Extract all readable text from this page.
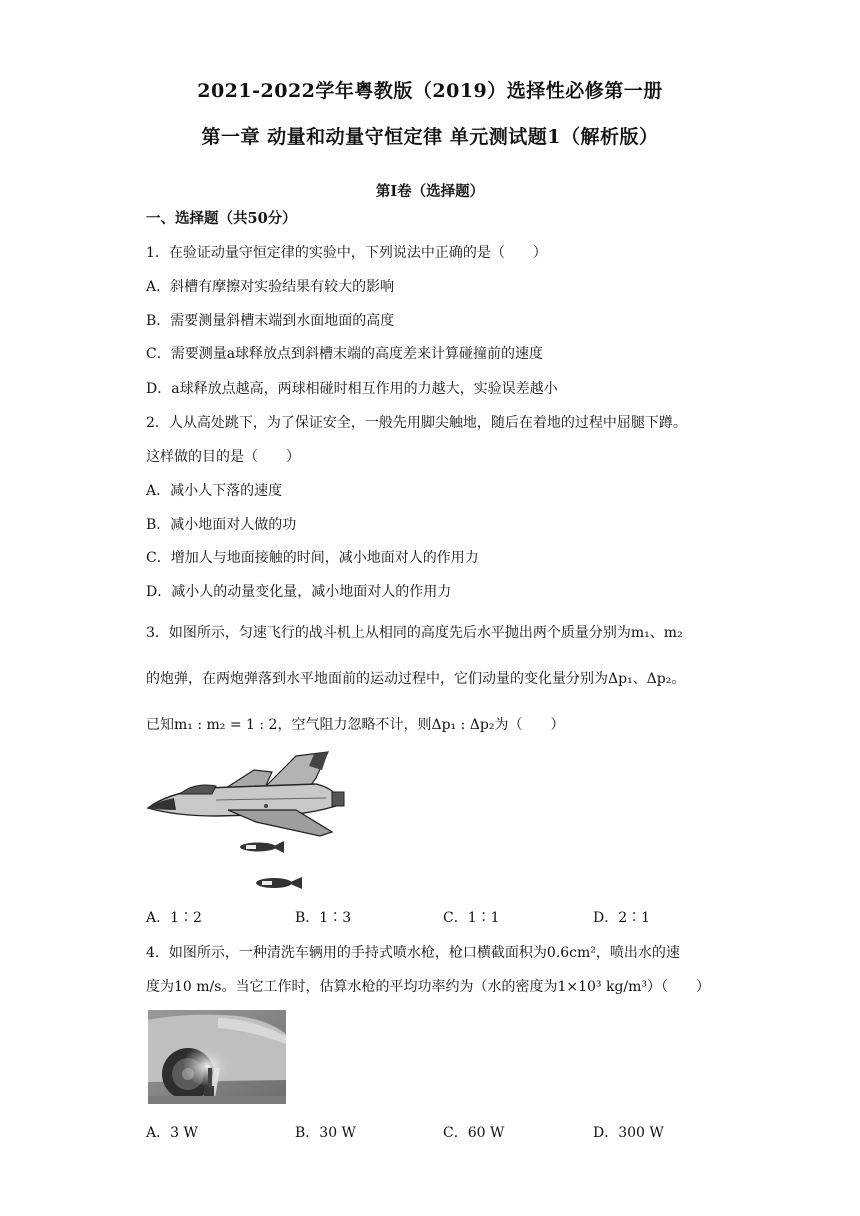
2021-2022学年粤教版（2019）选择性必修第一册
第一章 动量和动量守恒定律 单元测试题1（解析版）
第Ⅰ卷（选择题）
一、选择题（共50分）
1．在验证动量守恒定律的实验中，下列说法中正确的是（　　）
A．斜槽有摩擦对实验结果有较大的影响
B．需要测量斜槽末端到水面地面的高度
C．需要测量a球释放点到斜槽末端的高度差来计算碰撞前的速度
D．a球释放点越高，两球相碰时相互作用的力越大，实验误差越小
2．人从高处跳下，为了保证安全，一般先用脚尖触地，随后在着地的过程中屈腿下蹲。
这样做的目的是（　　）
A．减小人下落的速度
B．减小地面对人做的功
C．增加人与地面接触的时间，减小地面对人的作用力
D．减小人的动量变化量，减小地面对人的作用力
3．如图所示，匀速飞行的战斗机上从相同的高度先后水平抛出两个质量分别为m₁、m₂
的炮弹，在两炮弹落到水平地面前的运动过程中，它们动量的变化量分别为Δp₁、Δp₂。
已知m₁ : m₂ = 1 : 2，空气阻力忽略不计，则Δp₁ : Δp₂为（　　）
A．1∶2	B．1∶3	C．1∶1	D．2∶1
4．如图所示，一种清洗车辆用的手持式喷水枪，枪口横截面积为0.6cm²，喷出水的速
度为10 m/s。当它工作时，估算水枪的平均功率约为（水的密度为1×10³ kg/m³）（　　）
A．3 W	B．30 W	C．60 W	D．300 W
